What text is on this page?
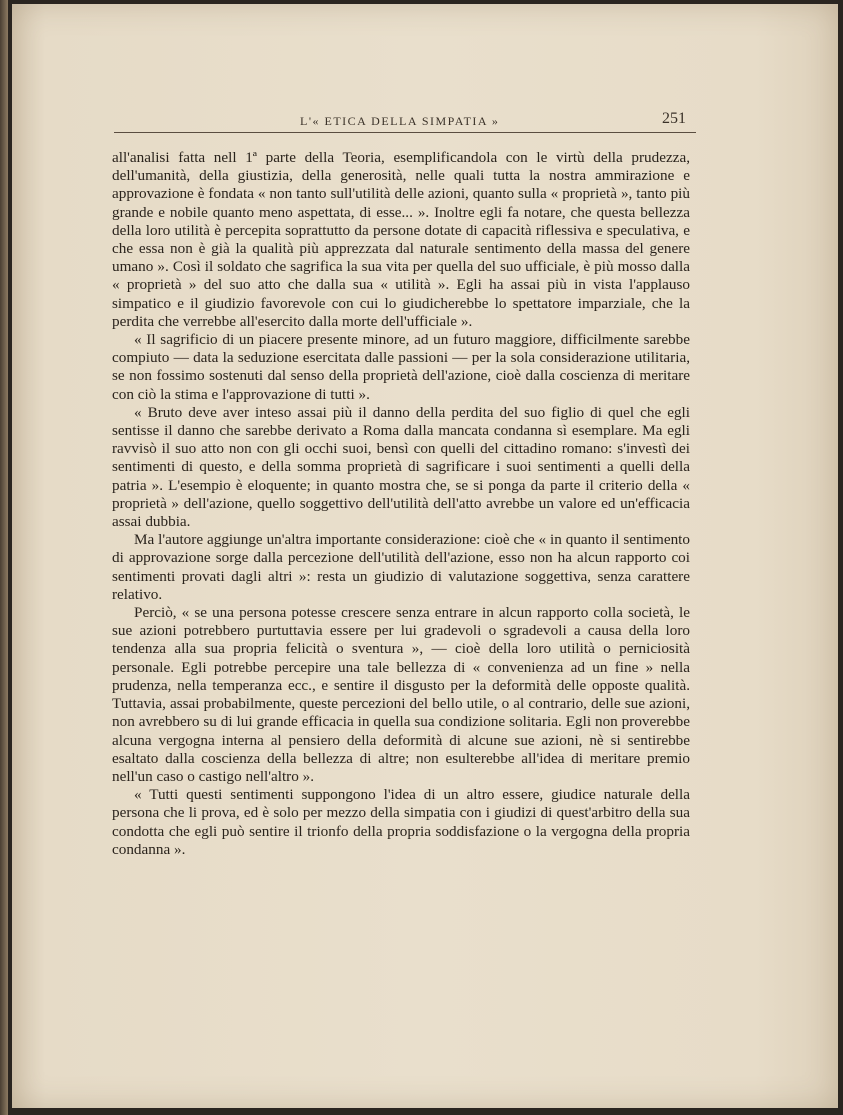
L'« ETICA DELLA SIMPATIA »	251

all'analisi fatta nell 1ª parte della Teoria, esemplificandola con le virtù della prudezza, dell'umanità, della giustizia, della generosità, nelle quali tutta la nostra ammirazione e approvazione è fondata « non tanto sull'utilità delle azioni, quanto sulla « proprietà », tanto più grande e nobile quanto meno aspettata, di esse... ». Inoltre egli fa notare, che questa bellezza della loro utilità è percepita soprattutto da persone dotate di capacità riflessiva e speculativa, e che essa non è già la qualità più apprezzata dal naturale sentimento della massa del genere umano ». Così il soldato che sagrifica la sua vita per quella del suo ufficiale, è più mosso dalla « proprietà » del suo atto che dalla sua « utilità ». Egli ha assai più in vista l'applauso simpatico e il giudizio favorevole con cui lo giudicherebbe lo spettatore imparziale, che la perdita che verrebbe all'esercito dalla morte dell'ufficiale ».

« Il sagrificio di un piacere presente minore, ad un futuro maggiore, difficilmente sarebbe compiuto — data la seduzione esercitata dalle passioni — per la sola considerazione utilitaria, se non fossimo sostenuti dal senso della proprietà dell'azione, cioè dalla coscienza di meritare con ciò la stima e l'approvazione di tutti ».

« Bruto deve aver inteso assai più il danno della perdita del suo figlio di quel che egli sentisse il danno che sarebbe derivato a Roma dalla mancata condanna sì esemplare. Ma egli ravvisò il suo atto non con gli occhi suoi, bensì con quelli del cittadino romano: s'investì dei sentimenti di questo, e della somma proprietà di sagrificare i suoi sentimenti a quelli della patria ». L'esempio è eloquente; in quanto mostra che, se si ponga da parte il criterio della « proprietà » dell'azione, quello soggettivo dell'utilità dell'atto avrebbe un valore ed un'efficacia assai dubbia.

Ma l'autore aggiunge un'altra importante considerazione: cioè che « in quanto il sentimento di approvazione sorge dalla percezione dell'utilità dell'azione, esso non ha alcun rapporto coi sentimenti provati dagli altri »: resta un giudizio di valutazione soggettiva, senza carattere relativo.

Perciò, « se una persona potesse crescere senza entrare in alcun rapporto colla società, le sue azioni potrebbero purtuttavia essere per lui gradevoli o sgradevoli a causa della loro tendenza alla sua propria felicità o sventura », — cioè della loro utilità o perniciosità personale. Egli potrebbe percepire una tale bellezza di « convenienza ad un fine » nella prudenza, nella temperanza ecc., e sentire il disgusto per la deformità delle opposte qualità. Tuttavia, assai probabilmente, queste percezioni del bello utile, o al contrario, delle sue azioni, non avrebbero su di lui grande efficacia in quella sua condizione solitaria. Egli non proverebbe alcuna vergogna interna al pensiero della deformità di alcune sue azioni, nè si sentirebbe esaltato dalla coscienza della bellezza di altre; non esulterebbe all'idea di meritare premio nell'un caso o castigo nell'altro ».

« Tutti questi sentimenti suppongono l'idea di un altro essere, giudice naturale della persona che li prova, ed è solo per mezzo della simpatia con i giudizi di quest'arbitro della sua condotta che egli può sentire il trionfo della propria soddisfazione o la vergogna della propria condanna ».
